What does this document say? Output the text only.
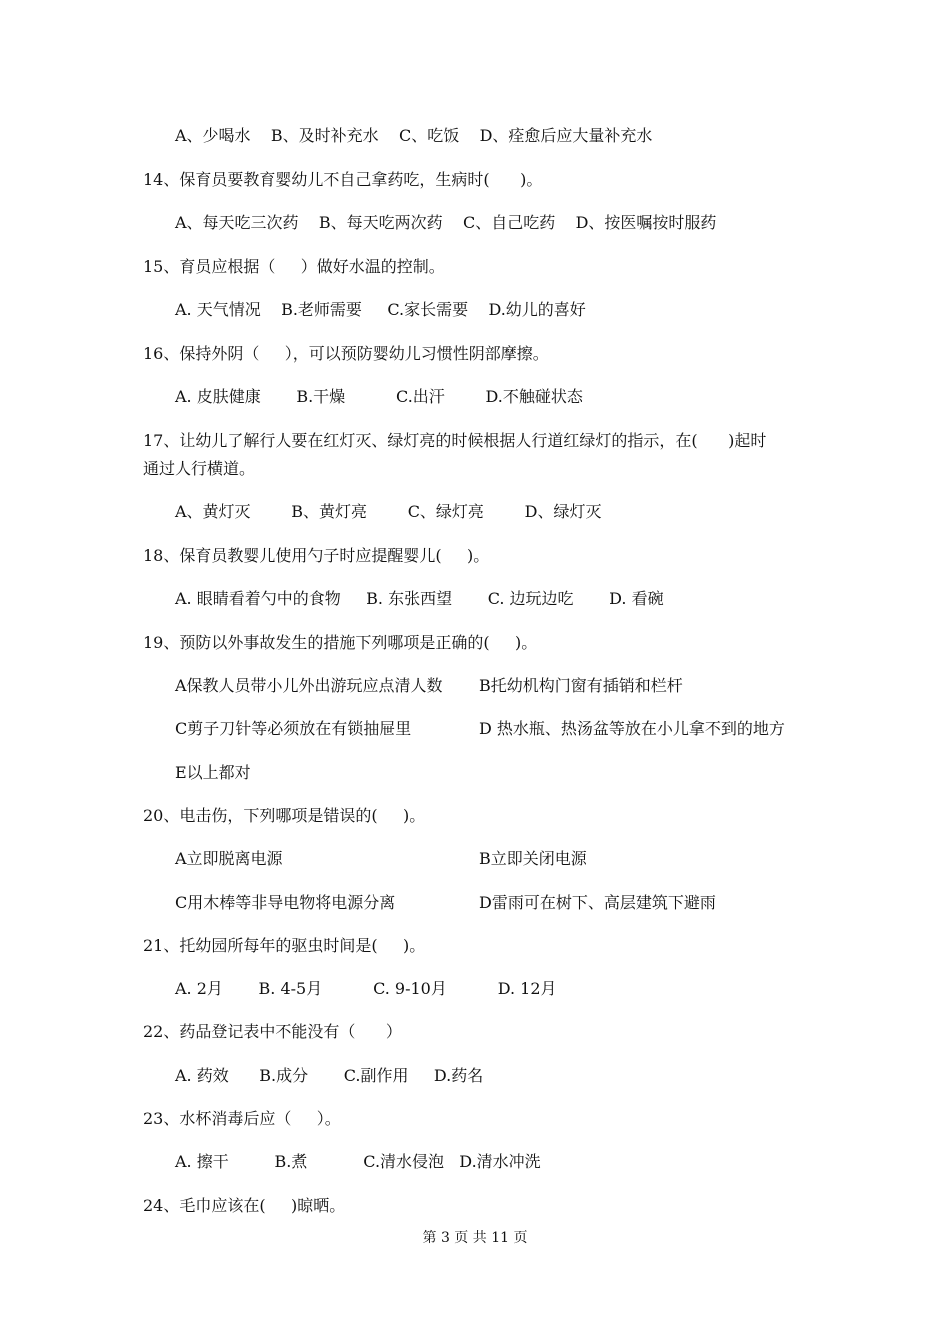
A、少喝水    B、及时补充水    C、吃饭    D、痊愈后应大量补充水
14、保育员要教育婴幼儿不自己拿药吃，生病时(      )。
A、每天吃三次药    B、每天吃两次药    C、自己吃药    D、按医嘱按时服药
15、育员应根据（     ）做好水温的控制。
A. 天气情况    B.老师需要     C.家长需要    D.幼儿的喜好
16、保持外阴（     ），可以预防婴幼儿习惯性阴部摩擦。
A. 皮肤健康       B.干燥          C.出汗        D.不触碰状态
17、让幼儿了解行人要在红灯灭、绿灯亮的时候根据人行道红绿灯的指示，在(      )起时
通过人行横道。
A、黄灯灭        B、黄灯亮        C、绿灯亮        D、绿灯灭
18、保育员教婴儿使用勺子时应提醒婴儿(     )。
A. 眼睛看着勺中的食物     B. 东张西望       C. 边玩边吃       D. 看碗
19、预防以外事故发生的措施下列哪项是正确的(     )。
A保教人员带小儿外出游玩应点清人数 B托幼机构门窗有插销和栏杆
C剪子刀针等必须放在有锁抽屉里	D 热水瓶、热汤盆等放在小儿拿不到的地方
E以上都对
20、电击伤，下列哪项是错误的(     )。
A立即脱离电源	B立即关闭电源
C用木棒等非导电物将电源分离	D雷雨可在树下、高层建筑下避雨
21、托幼园所每年的驱虫时间是(     )。
A. 2月       B. 4-5月          C. 9-10月          D. 12月
22、药品登记表中不能没有（      ）
A. 药效      B.成分       C.副作用     D.药名
23、水杯消毒后应（     ）。
A. 擦干         B.煮           C.清水侵泡   D.清水冲洗
24、毛巾应该在(     )晾晒。
第 3 页 共 11 页
